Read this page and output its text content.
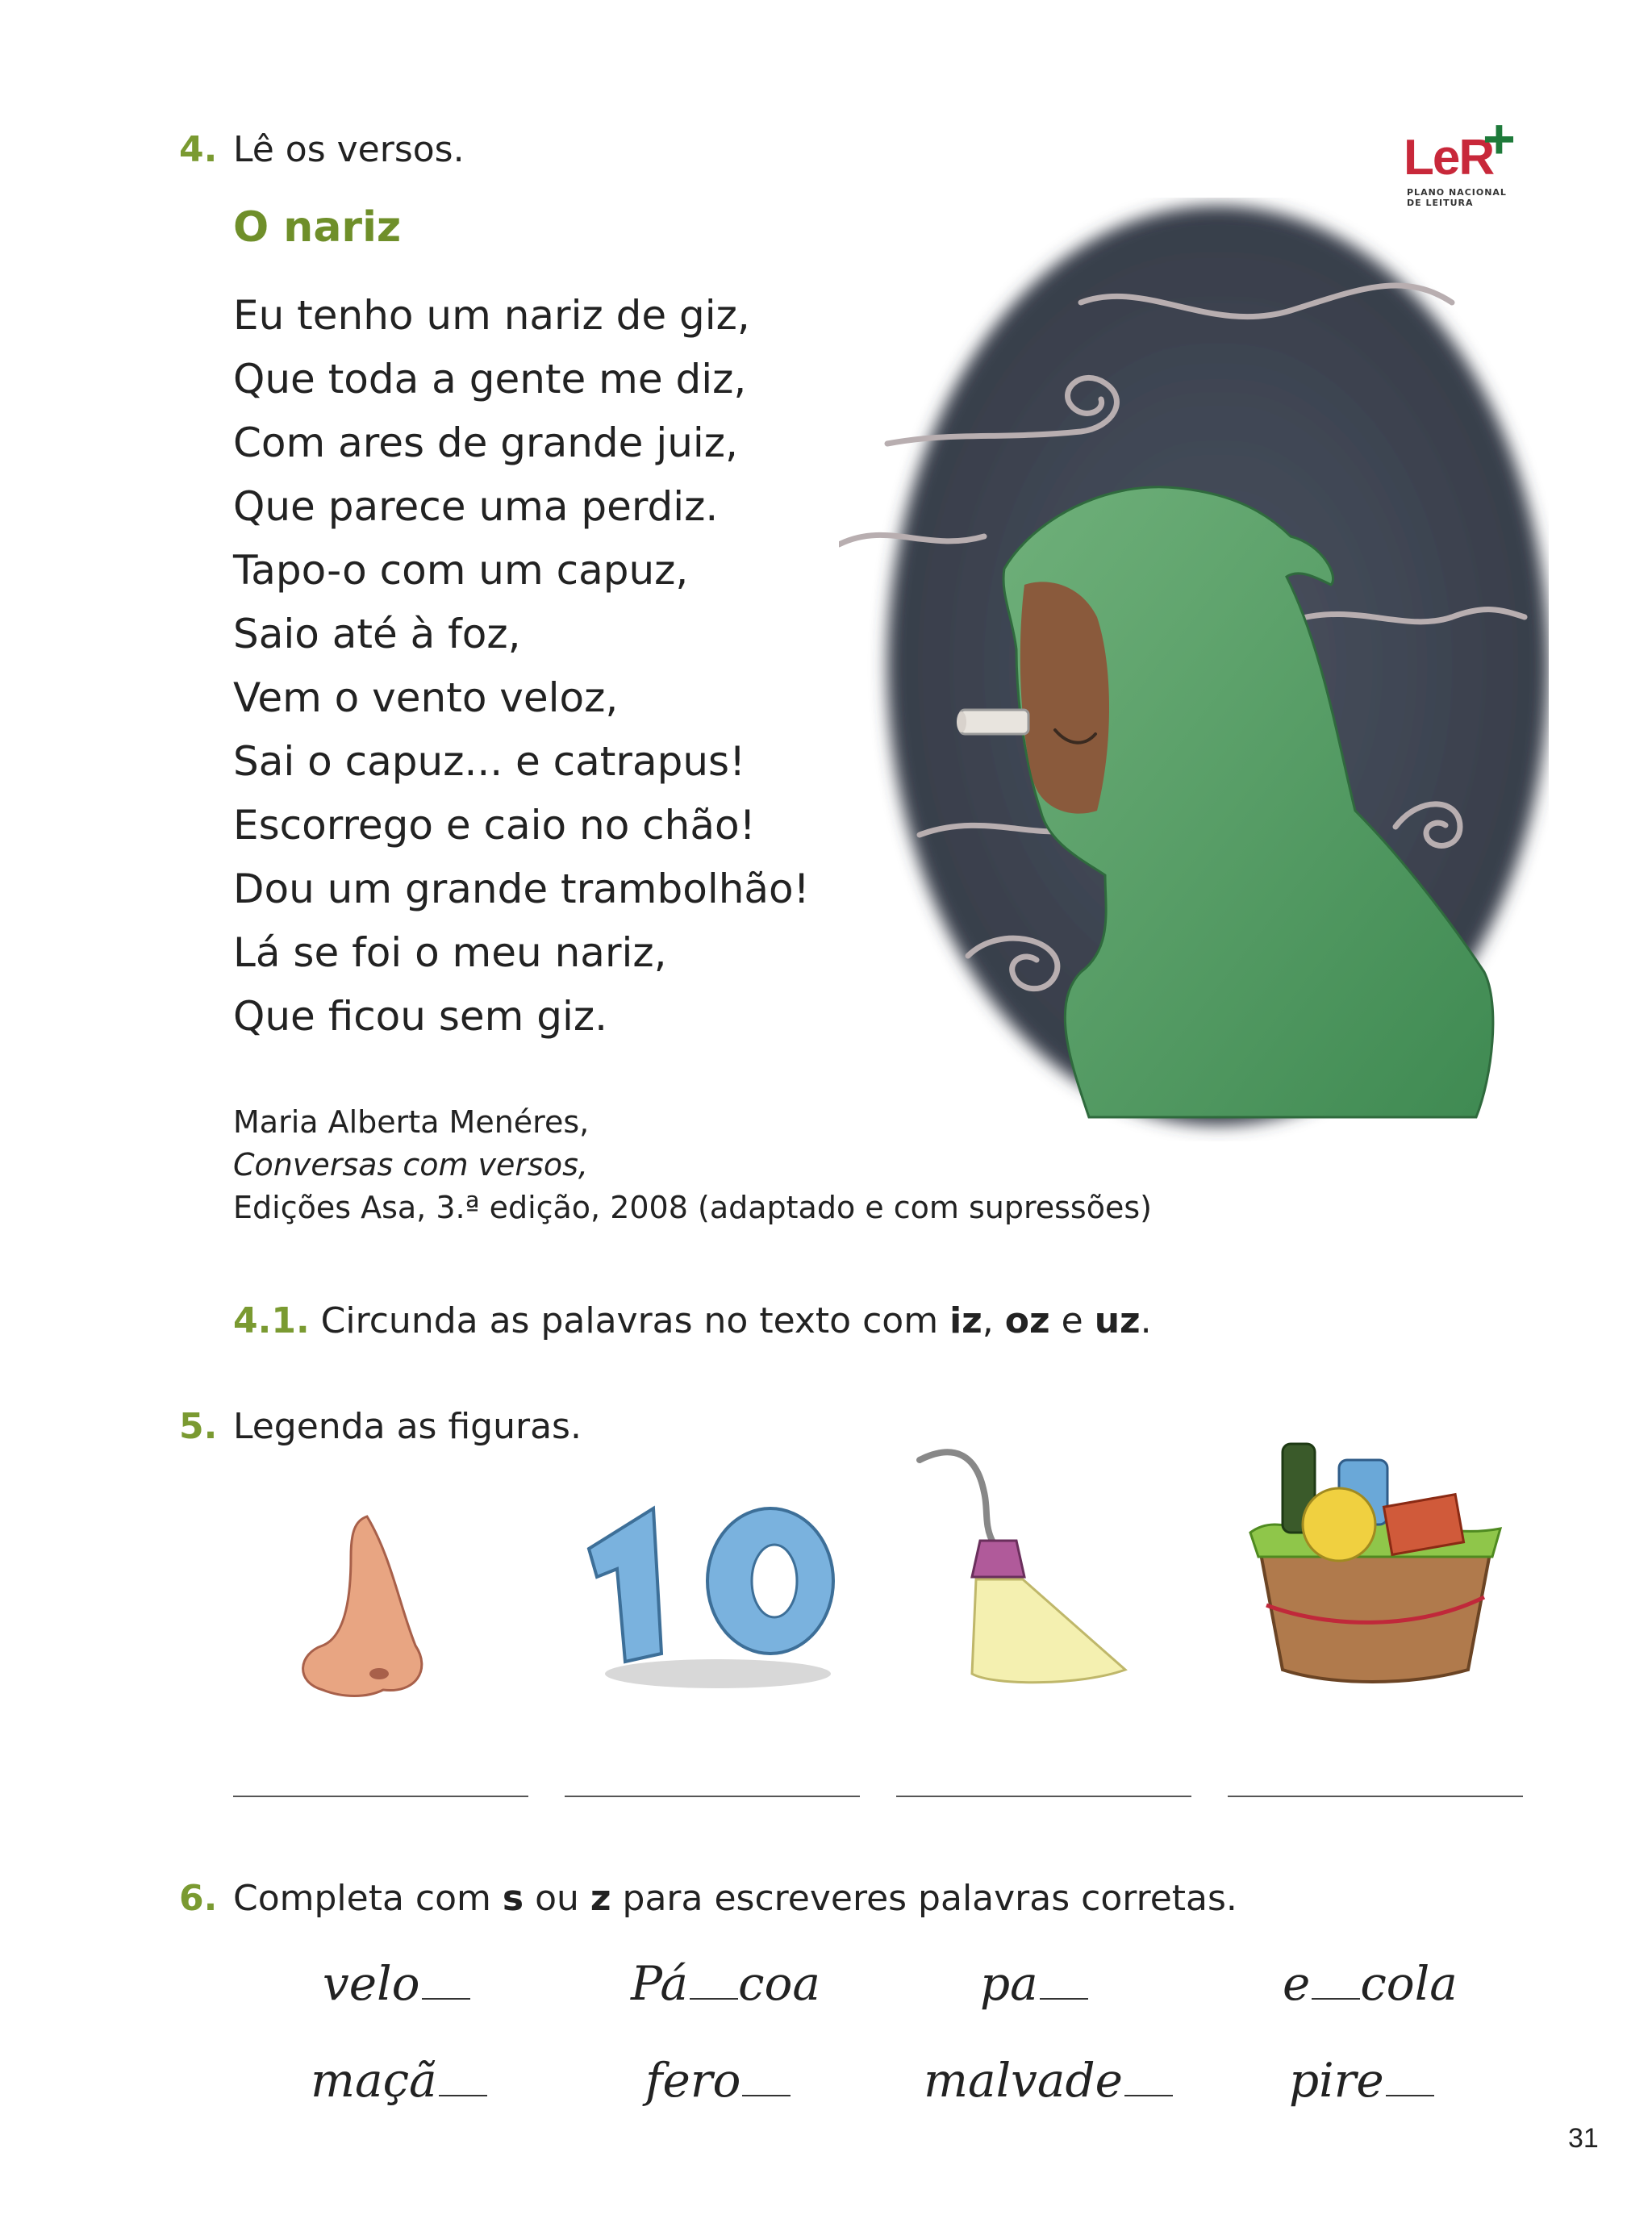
LeR
+
PLANO NACIONAL
DE LEITURA
4. Lê os versos.
O nariz
Eu tenho um nariz de giz,
Que toda a gente me diz,
Com ares de grande juiz,
Que parece uma perdiz.
Tapo-o com um capuz,
Saio até à foz,
Vem o vento veloz,
Sai o capuz... e catrapus!
Escorrego e caio no chão!
Dou um grande trambolhão!
Lá se foi o meu nariz,
Que ficou sem giz.
Maria Alberta Menéres,
Conversas com versos,
Edições Asa, 3.ª edição, 2008 (adaptado e com supressões)
4.1. Circunda as palavras no texto com iz, oz e uz.
5. Legenda as figuras.
6. Completa com s ou z para escreveres palavras corretas.
velo	Pá coa	pa	e cola
maçã	fero	malvade	pire
31
